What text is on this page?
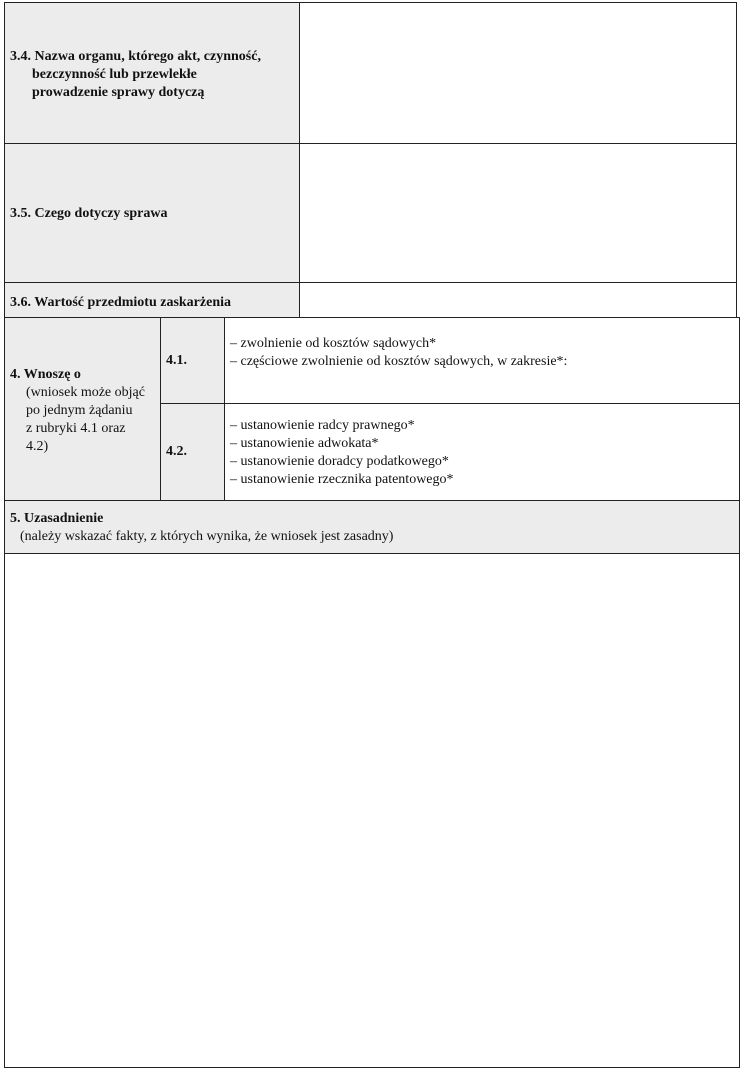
3.4. Nazwa organu, którego akt, czynność,
bezczynność lub przewlekłe
prowadzenie sprawy dotyczą
3.5. Czego dotyczy sprawa
3.6. Wartość przedmiotu zaskarżenia
4. Wnoszę o
(wniosek może objąć
po jednym żądaniu
z rubryki 4.1 oraz
4.2)
4.1.
– zwolnienie od kosztów sądowych*
– częściowe zwolnienie od kosztów sądowych, w zakresie*:
4.2.
– ustanowienie radcy prawnego*
– ustanowienie adwokata*
– ustanowienie doradcy podatkowego*
– ustanowienie rzecznika patentowego*
5. Uzasadnienie
(należy wskazać fakty, z których wynika, że wniosek jest zasadny)
